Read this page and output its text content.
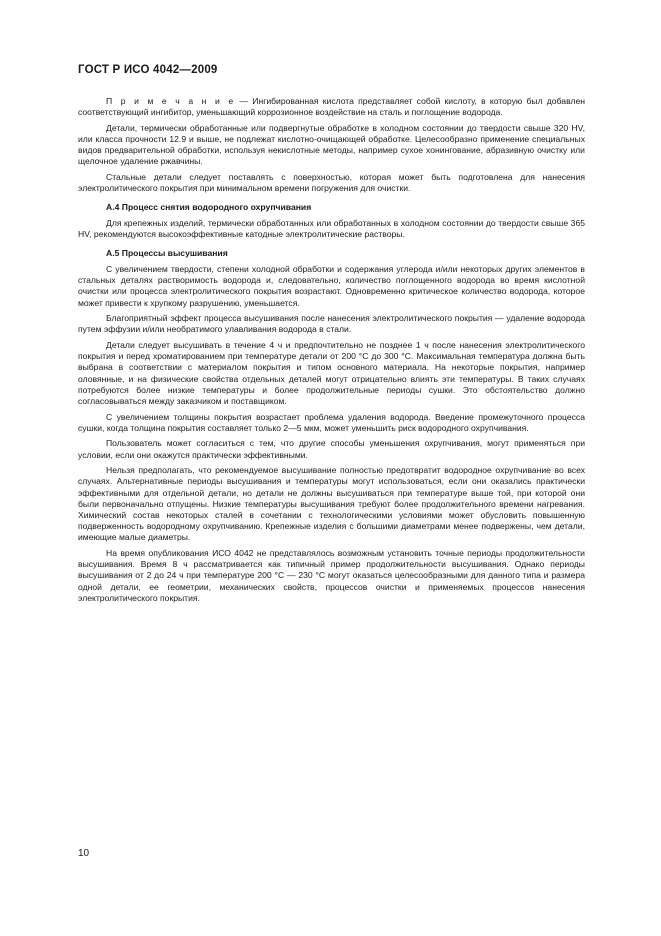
ГОСТ Р ИСО 4042—2009

П р и м е ч а н и е — Ингибированная кислота представляет собой кислоту, в которую был добавлен соответствующий ингибитор, уменьшающий коррозионное воздействие на сталь и поглощение водорода.

Детали, термически обработанные или подвергнутые обработке в холодном состоянии до твердости свыше 320 HV, или класса прочности 12.9 и выше, не подлежат кислотно-очищающей обработке. Целесообразно применение специальных видов предварительной обработки, используя некислотные методы, например сухое хонингование, абразивную очистку или щелочное удаление ржавчины.

Стальные детали следует поставлять с поверхностью, которая может быть подготовлена для нанесения электролитического покрытия при минимальном времени погружения для очистки.

А.4 Процесс снятия водородного охрупчивания

Для крепежных изделий, термически обработанных или обработанных в холодном состоянии до твердости свыше 365 HV, рекомендуются высокоэффективные катодные электролитические растворы.

А.5 Процессы высушивания

С увеличением твердости, степени холодной обработки и содержания углерода и/или некоторых других элементов в стальных деталях растворимость водорода и, следовательно, количество поглощенного водорода во время кислотной очистки или процесса электролитического покрытия возрастают. Одновременно критическое количество водорода, которое может привести к хрупкому разрушению, уменьшается.

Благоприятный эффект процесса высушивания после нанесения электролитического покрытия — удаление водорода путем эффузии и/или необратимого улавливания водорода в стали.

Детали следует высушивать в течение 4 ч и предпочтительно не позднее 1 ч после нанесения электролитического покрытия и перед хроматированием при температуре детали от 200 °С до 300 °С. Максимальная температура должна быть выбрана в соответствии с материалом покрытия и типом основного материала. На некоторые покрытия, например оловянные, и на физические свойства отдельных деталей могут отрицательно влиять эти температуры. В таких случаях потребуются более низкие температуры и более продолжительные периоды сушки. Это обстоятельство должно согласовываться между заказчиком и поставщиком.

С увеличением толщины покрытия возрастает проблема удаления водорода. Введение промежуточного процесса сушки, когда толщина покрытия составляет только 2—5 мкм, может уменьшить риск водородного охрупчивания.

Пользователь может согласиться с тем, что другие способы уменьшения охрупчивания, могут применяться при условии, если они окажутся практически эффективными.

Нельзя предполагать, что рекомендуемое высушивание полностью предотвратит водородное охрупчивание во всех случаях. Альтернативные периоды высушивания и температуры могут использоваться, если они оказались практически эффективными для отдельной детали, но детали не должны высушиваться при температуре выше той, при которой они были первоначально отпущены. Низкие температуры высушивания требуют более продолжительного времени нагревания. Химический состав некоторых сталей в сочетании с технологическими условиями может обусловить повышенную подверженность водородному охрупчиванию. Крепежные изделия с большими диаметрами менее подвержены, чем детали, имеющие малые диаметры.

На время опубликования ИСО 4042 не представлялось возможным установить точные периоды продолжительности высушивания. Время 8 ч рассматривается как типичный пример продолжительности высушивания. Однако периоды высушивания от 2 до 24 ч при температуре 200 °С — 230 °С могут оказаться целесообразными для данного типа и размера одной детали, ее геометрии, механических свойств, процессов очистки и применяемых процессов нанесения электролитического покрытия.

10
